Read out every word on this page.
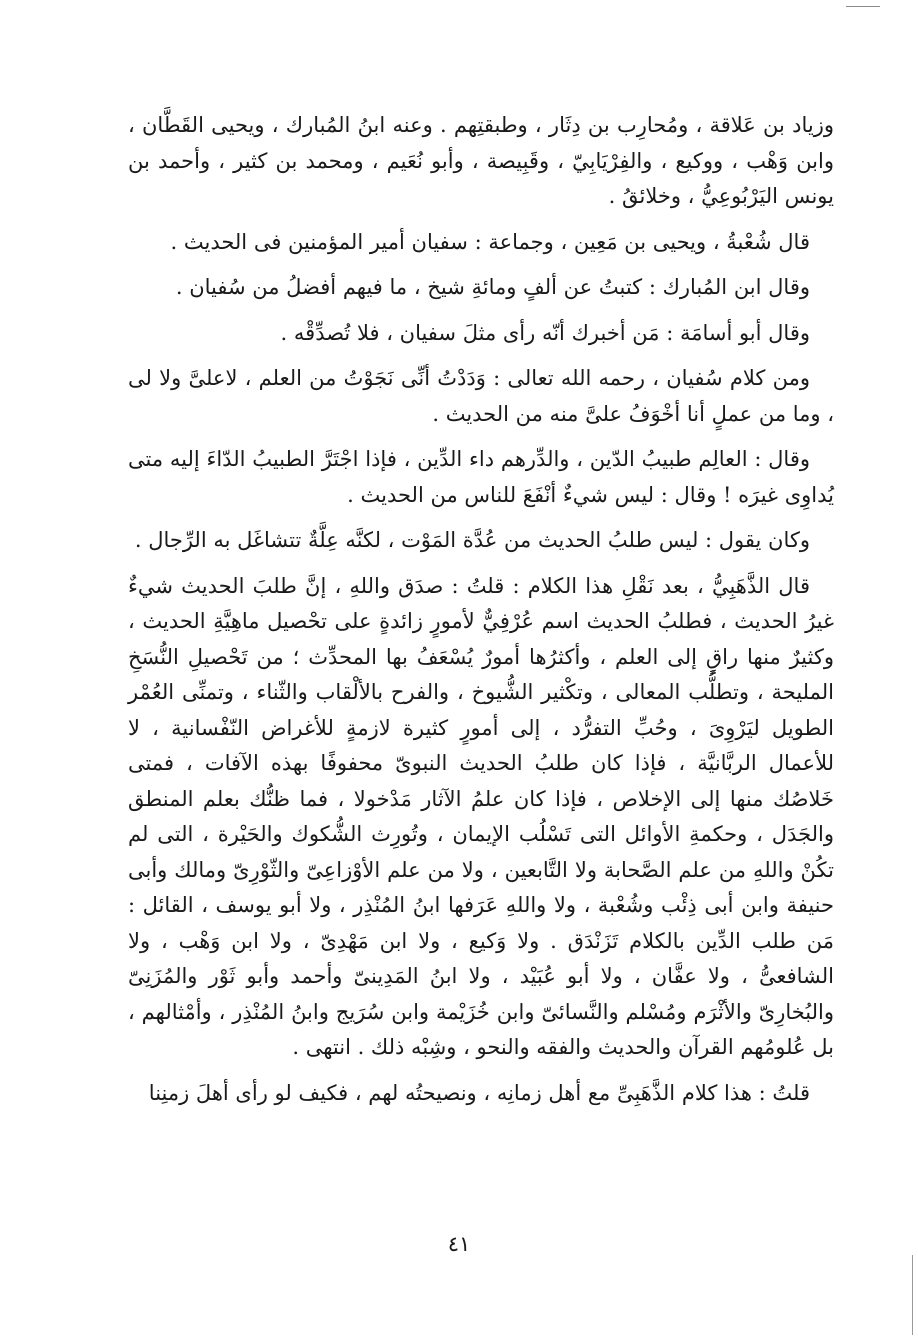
وزياد بن عَلاقة ، ومُحارِب بن دِثَار ، وطبقتِهم . وعنه ابنُ المُبارك ، ويحيى القَطَّان ، وابن وَهْب ، ووكيع ، والفِرْيَابِيّ ، وقَبِيصة ، وأبو نُعَيم ، ومحمد بن كثير ، وأحمد بن يونس اليَرْبُوعِيُّ ، وخلائقُ .

قال شُعْبةُ ، ويحيى بن مَعِين ، وجماعة : سفيان أمير المؤمنين فى الحديث .

وقال ابن المُبارك : كتبتُ عن ألفٍ ومائةِ شيخ ، ما فيهم أفضلُ من سُفيان .

وقال أبو أسامَة : مَن أخبرك أنّه رأى مثلَ سفيان ، فلا تُصدِّقْه .

ومن كلام سُفيان ، رحمه الله تعالى : وَدَدْتُ أنِّى نَجَوْتُ من العلم ، لاعلىَّ ولا لى ، وما من عملٍ أنا أخْوَفُ علىَّ منه من الحديث .

وقال : العالِم طبيبُ الدّين ، والدِّرهم داء الدِّين ، فإذا اجْتَرَّ الطبيبُ الدّاءَ إليه متى يُداوِى غيرَه ! وقال : ليس شيءٌ أنْفَعَ للناس من الحديث .

وكان يقول : ليس طلبُ الحديث من عُدَّة المَوْت ، لكنَّه عِلَّةٌ تتشاغَل به الرِّجال .

قال الذَّهَبِيُّ ، بعد نَقْلِ هذا الكلام : قلتُ : صدَق واللهِ ، إنَّ طلبَ الحديث شيءٌ غيرُ الحديث ، فطلبُ الحديث اسم عُرْفِيٌّ لأمورٍ زائدةٍ على تحْصيل ماهِيَّةِ الحديث ، وكثيرٌ منها راقٍ إلى العلم ، وأكثرُها أمورٌ يُسْعَفُ بها المحدِّث ؛ من تَحْصيلِ النُّسَخِ المليحة ، وتطلُّب المعالى ، وتكْثير الشُّيوخ ، والفرح بالألْقاب والثّناء ، وتمنِّى العُمْر الطويل ليَرْوِىَ ، وحُبِّ التفرُّد ، إلى أمورٍ كثيرة لازمةٍ للأغراض النّفْسانية ، لا للأعمال الربَّانيَّة ، فإذا كان طلبُ الحديث النبوىّ محفوفًا بهذه الآفات ، فمتى خَلاصُك منها إلى الإخلاص ، فإذا كان علمُ الآثار مَدْخولا ، فما ظنُّك بعلم المنطق والجَدَل ، وحكمةِ الأوائل التى تَسْلُب الإيمان ، وتُورِث الشُّكوك والحَيْرة ، التى لم تكُنْ واللهِ من علم الصَّحابة ولا التَّابعين ، ولا من علم الأوْزاعِىّ والثّوْرِىّ ومالك وأبى حنيفة وابن أبى ذِئْب وشُعْبة ، ولا واللهِ عَرَفها ابنُ المُنْذِر ، ولا أبو يوسف ، القائل : مَن طلب الدِّين بالكلام تَزَنْدَق . ولا وَكيع ، ولا ابن مَهْدِىّ ، ولا ابن وَهْب ، ولا الشافعىُّ ، ولا عفَّان ، ولا أبو عُبَيْد ، ولا ابنُ المَدِينىّ وأحمد وأبو ثَوْر والمُزَنِىّ والبُخارِىّ والأثْرَم ومُسْلم والنَّسائىّ وابن خُزَيْمة وابن سُرَيج وابنُ المُنْذِر ، وأمْثالهم ، بل عُلومُهم القرآن والحديث والفقه والنحو ، وشِبْه ذلك . انتهى .

قلتُ : هذا كلام الذَّهَبِىِّ مع أهل زمانِه ، ونصيحتُه لهم ، فكيف لو رأى أهلَ زمنِنا

٤١
